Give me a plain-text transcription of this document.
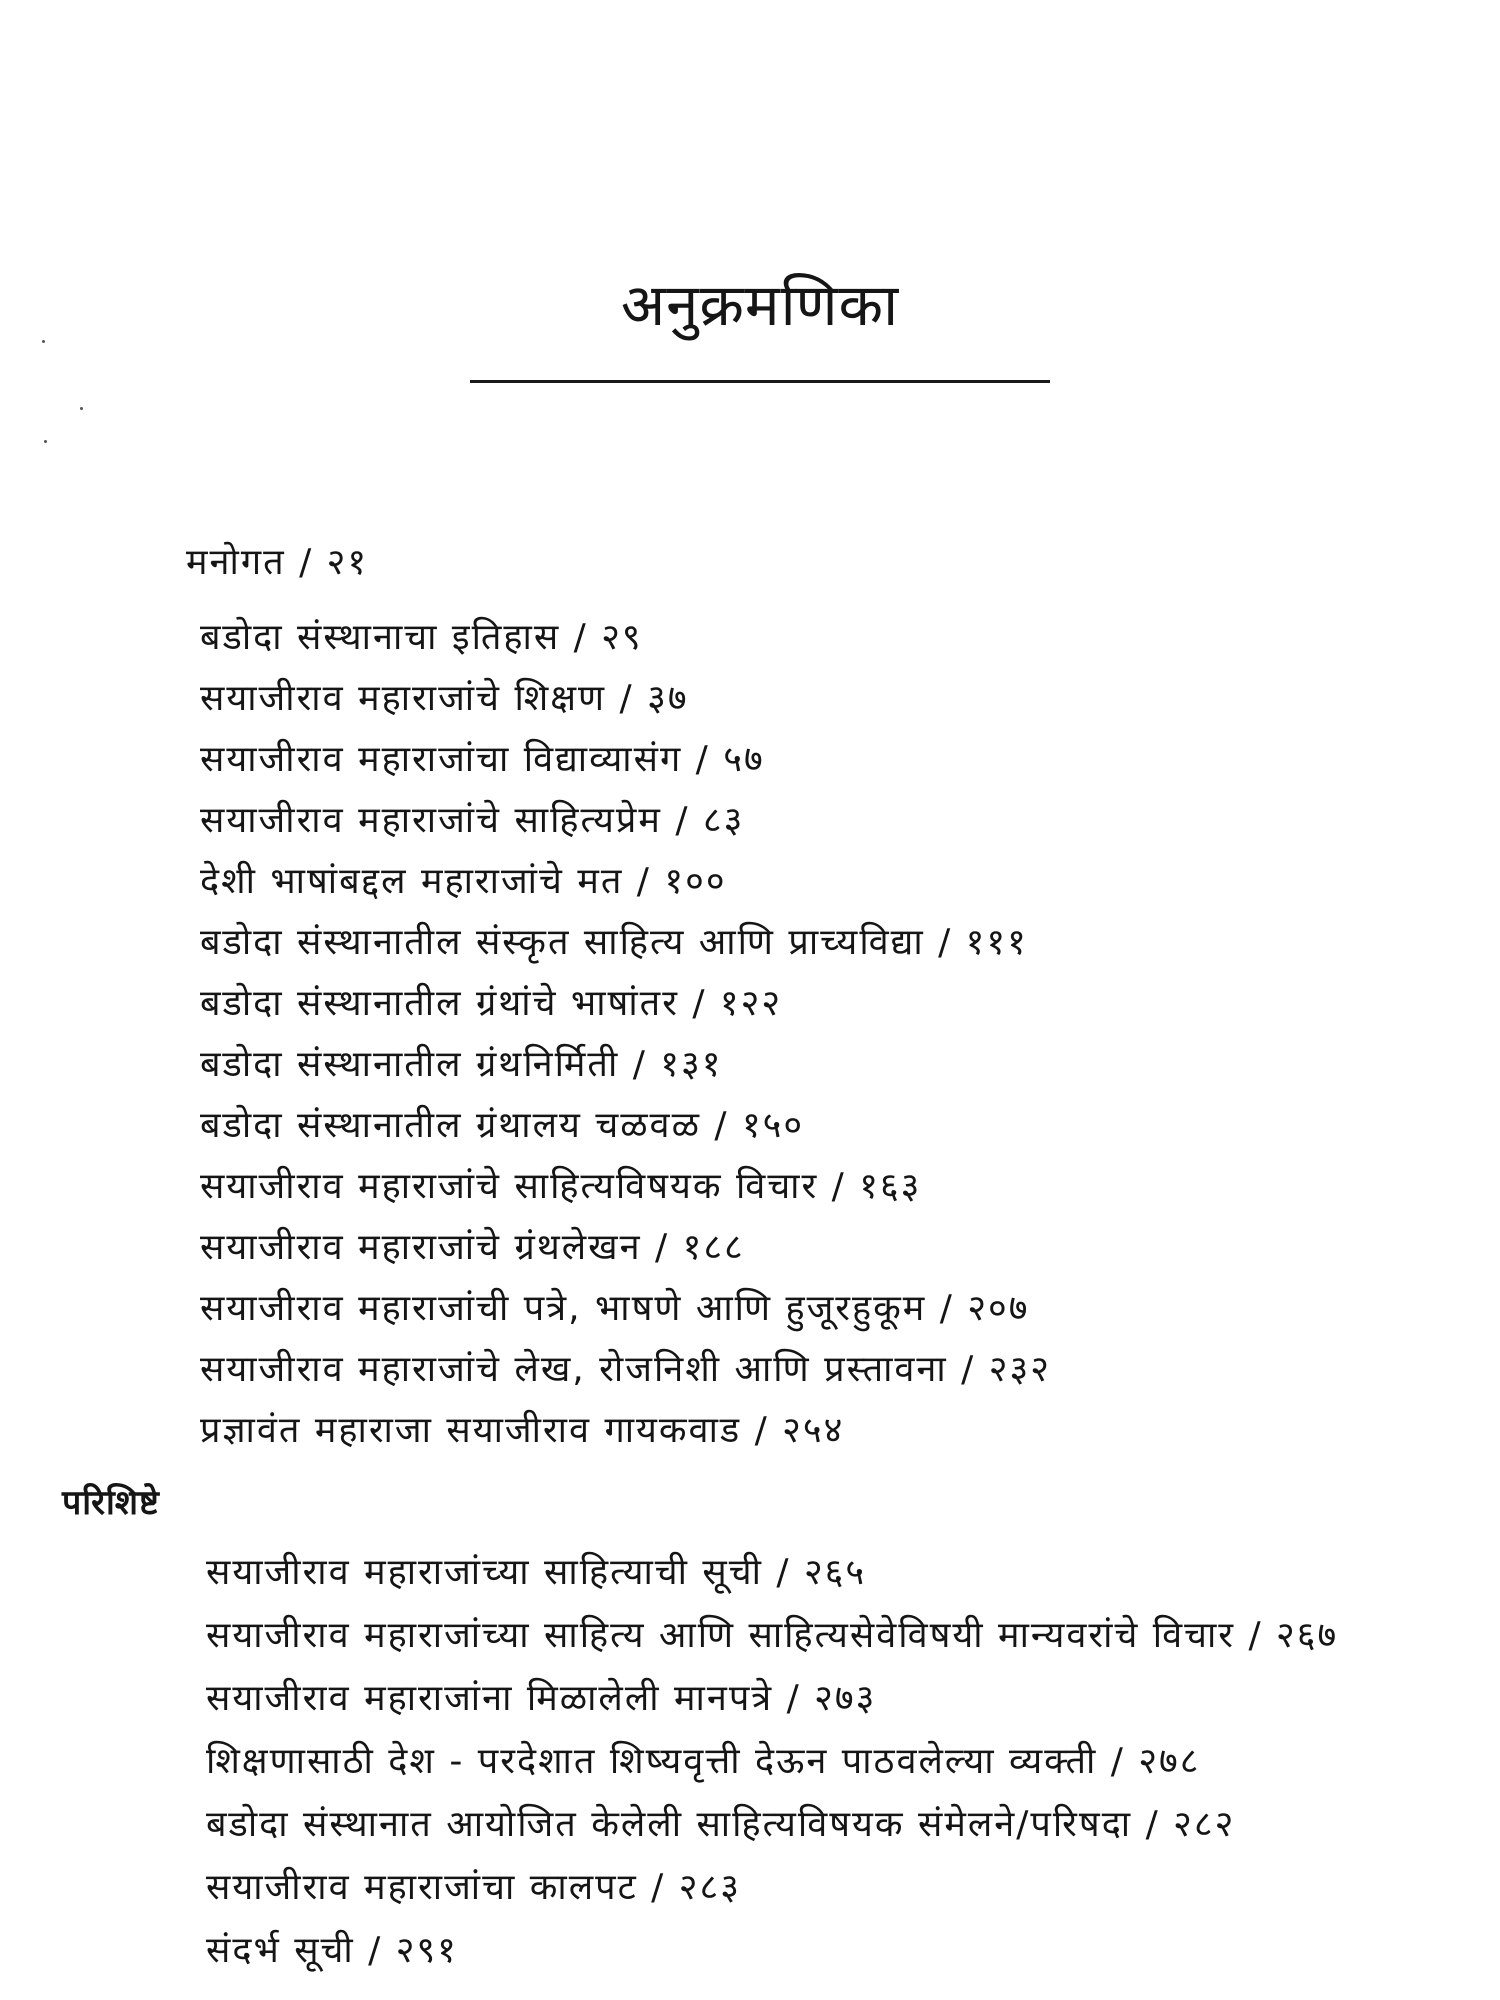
अनुक्रमणिका
मनोगत / २१
बडोदा संस्थानाचा इतिहास / २९
सयाजीराव महाराजांचे शिक्षण / ३७
सयाजीराव महाराजांचा विद्याव्यासंग / ५७
सयाजीराव महाराजांचे साहित्यप्रेम / ८३
देशी भाषांबद्दल महाराजांचे मत / १००
बडोदा संस्थानातील संस्कृत साहित्य आणि प्राच्यविद्या / १११
बडोदा संस्थानातील ग्रंथांचे भाषांतर / १२२
बडोदा संस्थानातील ग्रंथनिर्मिती / १३१
बडोदा संस्थानातील ग्रंथालय चळवळ / १५०
सयाजीराव महाराजांचे साहित्यविषयक विचार / १६३
सयाजीराव महाराजांचे ग्रंथलेखन / १८८
सयाजीराव महाराजांची पत्रे, भाषणे आणि हुजूरहुकूम / २०७
सयाजीराव महाराजांचे लेख, रोजनिशी आणि प्रस्तावना / २३२
प्रज्ञावंत महाराजा सयाजीराव गायकवाड / २५४
परिशिष्टे
सयाजीराव महाराजांच्या साहित्याची सूची / २६५
सयाजीराव महाराजांच्या साहित्य आणि साहित्यसेवेविषयी मान्यवरांचे विचार / २६७
सयाजीराव महाराजांना मिळालेली मानपत्रे / २७३
शिक्षणासाठी देश - परदेशात शिष्यवृत्ती देऊन पाठवलेल्या व्यक्ती / २७८
बडोदा संस्थानात आयोजित केलेली साहित्यविषयक संमेलने/परिषदा / २८२
सयाजीराव महाराजांचा कालपट / २८३
संदर्भ सूची / २९१
